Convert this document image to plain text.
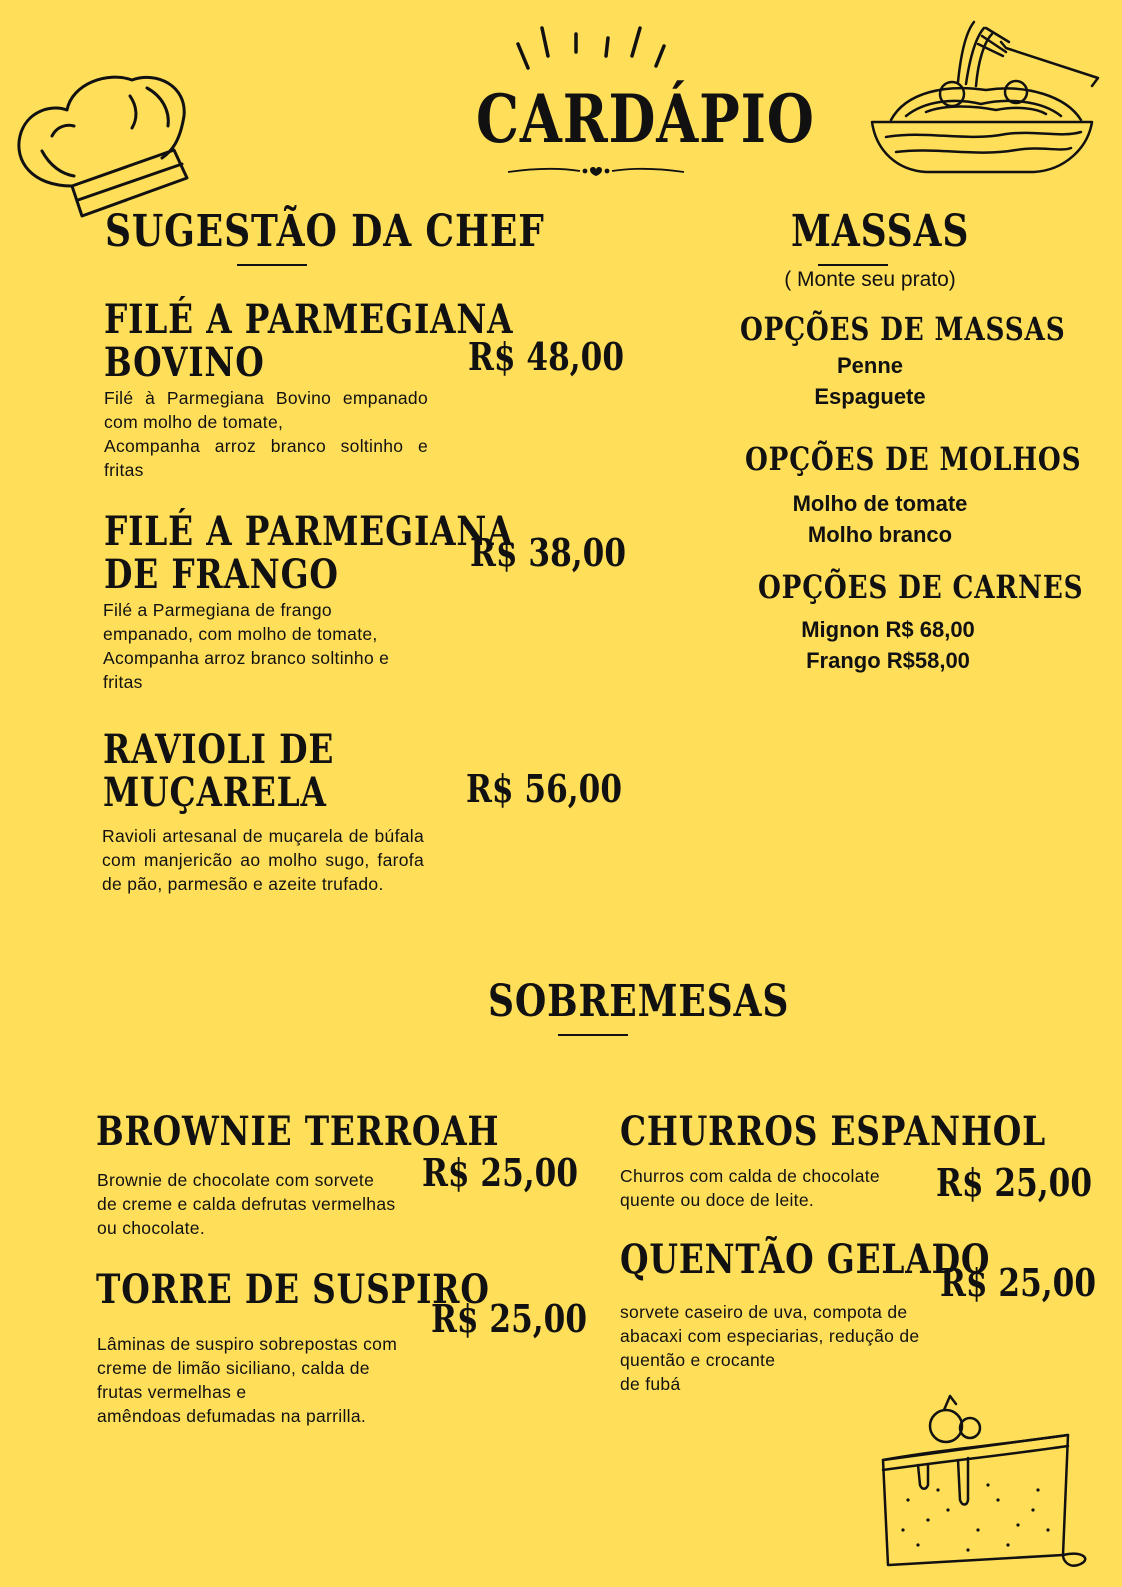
CARDÁPIO
SUGESTÃO DA CHEF
FILÉ A PARMEGIANA
BOVINO	R$ 48,00
Filé à Parmegiana Bovino empanado com molho de tomate,
Acompanha arroz branco soltinho e fritas
FILÉ A PARMEGIANA
DE FRANGO	R$ 38,00
Filé a Parmegiana de frango
empanado, com molho de tomate,
Acompanha arroz branco soltinho e
fritas
RAVIOLI DE
MUÇARELA	R$ 56,00
Ravioli artesanal de muçarela de búfala com manjericão ao molho sugo, farofa de pão, parmesão e azeite trufado.
MASSAS
( Monte seu prato)
OPÇÕES DE MASSAS
Penne
Espaguete
OPÇÕES DE MOLHOS
Molho de tomate
Molho branco
OPÇÕES DE CARNES
Mignon R$ 68,00
Frango R$58,00
SOBREMESAS
BROWNIE TERROAH
R$ 25,00
Brownie de chocolate com sorvete
de creme e calda defrutas vermelhas
ou chocolate.
TORRE DE SUSPIRO
R$ 25,00
Lâminas de suspiro sobrepostas com
creme de limão siciliano, calda de
frutas vermelhas e
amêndoas defumadas na parrilla.
CHURROS ESPANHOL
R$ 25,00
Churros com calda de chocolate
quente ou doce de leite.
QUENTÃO GELADO
R$ 25,00
sorvete caseiro de uva, compota de
abacaxi com especiarias, redução de
quentão e crocante
de fubá
